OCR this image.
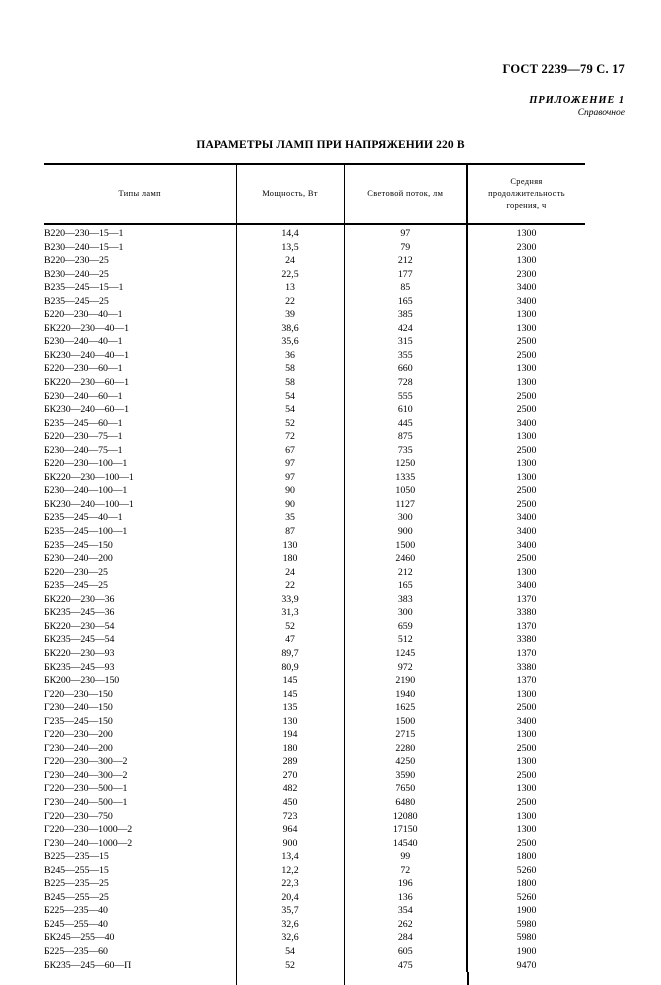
ГОСТ 2239—79 С. 17
ПРИЛОЖЕНИЕ 1
Справочное
ПАРАМЕТРЫ ЛАМП ПРИ НАПРЯЖЕНИИ 220 В
Типы ламп	Мощность, Вт	Световой поток, лм	Средняя
продолжительность
горения, ч
В220—230—15—1	14,4	97	1300
В230—240—15—1	13,5	79	2300
В220—230—25	24	212	1300
В230—240—25	22,5	177	2300
В235—245—15—1	13	85	3400
В235—245—25	22	165	3400
Б220—230—40—1	39	385	1300
БК220—230—40—1	38,6	424	1300
Б230—240—40—1	35,6	315	2500
БК230—240—40—1	36	355	2500
Б220—230—60—1	58	660	1300
БК220—230—60—1	58	728	1300
Б230—240—60—1	54	555	2500
БК230—240—60—1	54	610	2500
Б235—245—60—1	52	445	3400
Б220—230—75—1	72	875	1300
Б230—240—75—1	67	735	2500
Б220—230—100—1	97	1250	1300
БК220—230—100—1	97	1335	1300
Б230—240—100—1	90	1050	2500
БК230—240—100—1	90	1127	2500
Б235—245—40—1	35	300	3400
Б235—245—100—1	87	900	3400
Б235—245—150	130	1500	3400
Б230—240—200	180	2460	2500
Б220—230—25	24	212	1300
Б235—245—25	22	165	3400
БК220—230—36	33,9	383	1370
БК235—245—36	31,3	300	3380
БК220—230—54	52	659	1370
БК235—245—54	47	512	3380
БК220—230—93	89,7	1245	1370
БК235—245—93	80,9	972	3380
БК200—230—150	145	2190	1370
Г220—230—150	145	1940	1300
Г230—240—150	135	1625	2500
Г235—245—150	130	1500	3400
Г220—230—200	194	2715	1300
Г230—240—200	180	2280	2500
Г220—230—300—2	289	4250	1300
Г230—240—300—2	270	3590	2500
Г220—230—500—1	482	7650	1300
Г230—240—500—1	450	6480	2500
Г220—230—750	723	12080	1300
Г220—230—1000—2	964	17150	1300
Г230—240—1000—2	900	14540	2500
В225—235—15	13,4	99	1800
В245—255—15	12,2	72	5260
В225—235—25	22,3	196	1800
В245—255—25	20,4	136	5260
Б225—235—40	35,7	354	1900
Б245—255—40	32,6	262	5980
БК245—255—40	32,6	284	5980
Б225—235—60	54	605	1900
БК235—245—60—П	52	475	9470
